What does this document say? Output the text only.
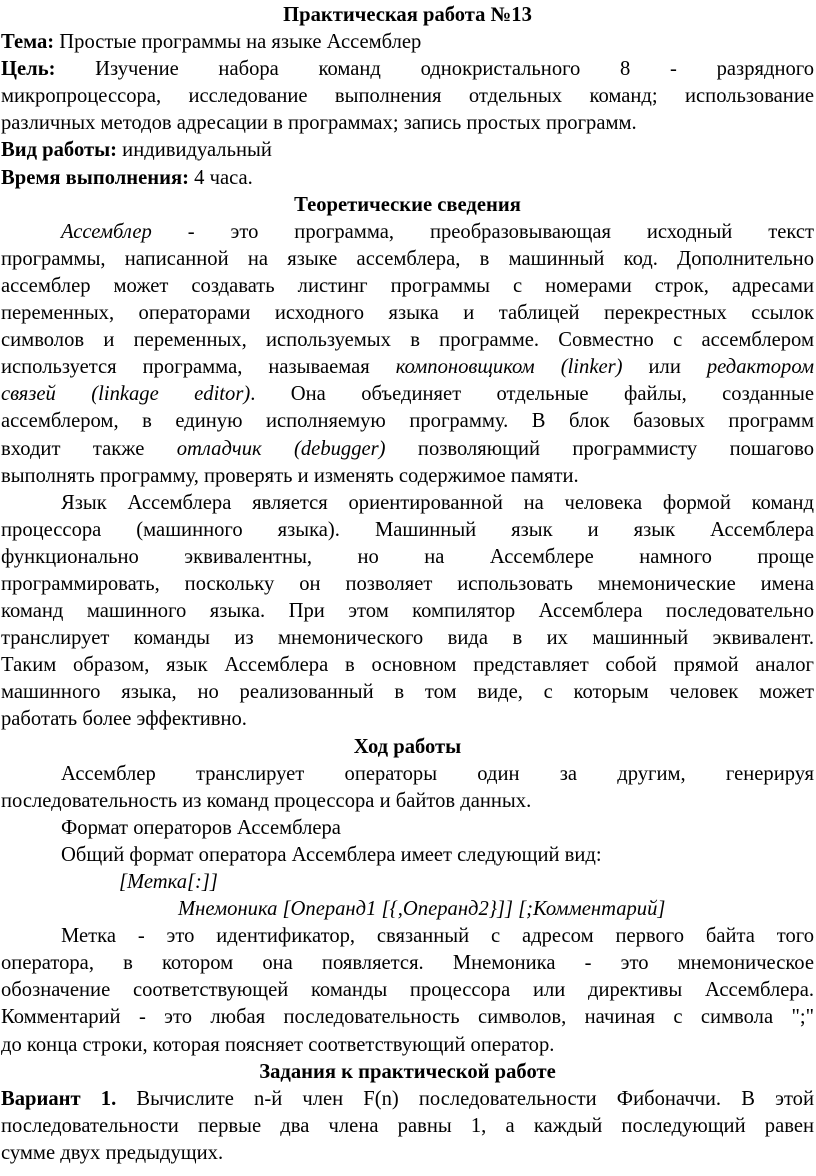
Практическая работа №13
Тема: Простые программы на языке Ассемблер
Цель: Изучение набора команд однокристального 8 - разрядного
микропроцессора, исследование выполнения отдельных команд; использование
различных методов адресации в программах; запись простых программ.
Вид работы: индивидуальный
Время выполнения: 4 часа.
Теоретические сведения
Ассемблер - это программа, преобразовывающая исходный текст
программы, написанной на языке ассемблера, в машинный код. Дополнительно
ассемблер может создавать листинг программы с номерами строк, адресами
переменных, операторами исходного языка и таблицей перекрестных ссылок
символов и переменных, используемых в программе. Совместно с ассемблером
используется программа, называемая компоновщиком (linker) или редактором
связей (linkage editor). Она объединяет отдельные файлы, созданные
ассемблером, в единую исполняемую программу. В блок базовых программ
входит также отладчик (debugger) позволяющий программисту пошагово
выполнять программу, проверять и изменять содержимое памяти.
Язык Ассемблера является ориентированной на человека формой команд
процессора (машинного языка). Машинный язык и язык Ассемблера
функционально эквивалентны, но на Ассемблере намного проще
программировать, поскольку он позволяет использовать мнемонические имена
команд машинного языка. При этом компилятор Ассемблера последовательно
транслирует команды из мнемонического вида в их машинный эквивалент.
Таким образом, язык Ассемблера в основном представляет собой прямой аналог
машинного языка, но реализованный в том виде, с которым человек может
работать более эффективно.
Ход работы
Ассемблер транслирует операторы один за другим, генерируя
последовательность из команд процессора и байтов данных.
Формат операторов Ассемблера
Общий формат оператора Ассемблера имеет следующий вид:
[Метка[:]]
Мнемоника [Операнд1 [{,Операнд2}]] [;Комментарий]
Метка - это идентификатор, связанный с адресом первого байта того
оператора, в котором она появляется. Мнемоника - это мнемоническое
обозначение соответствующей команды процессора или директивы Ассемблера.
Комментарий - это любая последовательность символов, начиная с символа ";"
до конца строки, которая поясняет соответствующий оператор.
Задания к практической работе
Вариант 1. Вычислите n-й член F(n) последовательности Фибоначчи. В этой
последовательности первые два члена равны 1, а каждый последующий равен
сумме двух предыдущих.
